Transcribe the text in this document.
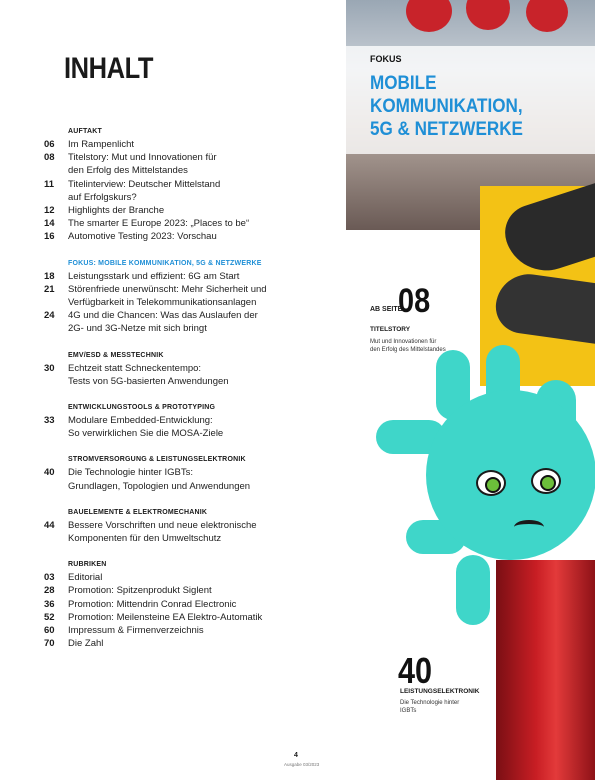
INHALT
AUFTAKT
06	Im Rampenlicht
08	Titelstory: Mut und Innovationen für
den Erfolg des Mittelstandes
11	Titelinterview: Deutscher Mittelstand
auf Erfolgskurs?
12	Highlights der Branche
14	The smarter E Europe 2023: „Places to be“
16	Automotive Testing 2023: Vorschau
FOKUS: MOBILE KOMMUNIKATION, 5G & NETZWERKE
18	Leistungsstark und effizient: 6G am Start
21	Störenfriede unerwünscht: Mehr Sicherheit und
Verfügbarkeit in Telekommunikationsanlagen
24	4G und die Chancen: Was das Auslaufen der
2G- und 3G-Netze mit sich bringt
EMV/ESD & MESSTECHNIK
30	Echtzeit statt Schneckentempo:
Tests von 5G-basierten Anwendungen
ENTWICKLUNGSTOOLS & PROTOTYPING
33	Modulare Embedded-Entwicklung:
So verwirklichen Sie die MOSA-Ziele
STROMVERSORGUNG & LEISTUNGSELEKTRONIK
40	Die Technologie hinter IGBTs:
Grundlagen, Topologien und Anwendungen
BAUELEMENTE & ELEKTROMECHANIK
44	Bessere Vorschriften und neue elektronische
Komponenten für den Umweltschutz
RUBRIKEN
03	Editorial
28	Promotion: Spitzenprodukt Siglent
36	Promotion: Mittendrin Conrad Electronic
52	Promotion: Meilensteine EA Elektro-Automatik
60	Impressum & Firmenverzeichnis
70	Die Zahl
FOKUS
MOBILE
KOMMUNIKATION,
5G & NETZWERKE
AB SEITE
08
TITELSTORY
Mut und Innovationen für
den Erfolg des Mittelstandes
40
LEISTUNGSELEKTRONIK
Die Technologie hinter
IGBTs
4
Ausgabe 03/2023
